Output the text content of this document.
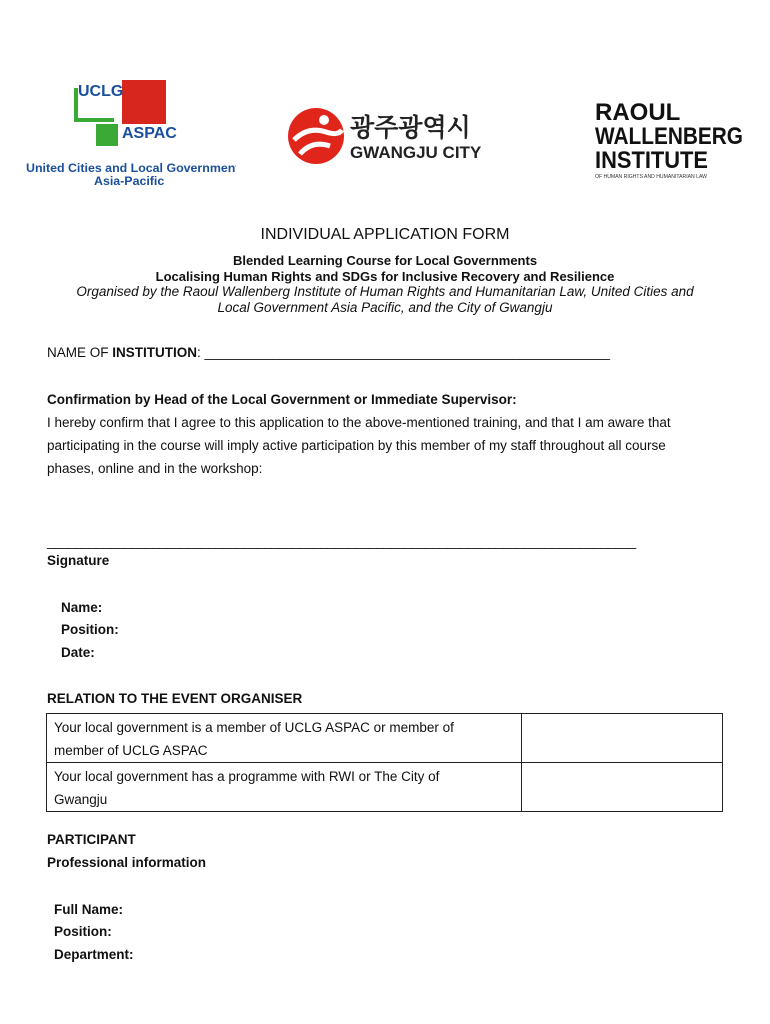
UCLG
ASPAC
United Cities and Local Governments
Asia-Pacific
광주광역시
GWANGJU CITY
RAOUL
WALLENBERG
INSTITUTE
OF HUMAN RIGHTS AND HUMANITARIAN LAW
INDIVIDUAL APPLICATION FORM
Blended Learning Course for Local Governments
Localising Human Rights and SDGs for Inclusive Recovery and Resilience
Organised by the Raoul Wallenberg Institute of Human Rights and Humanitarian Law, United Cities and
Local Government Asia Pacific, and the City of Gwangju
NAME OF INSTITUTION: ______________________________________________________
Confirmation by Head of the Local Government or Immediate Supervisor:
I hereby confirm that I agree to this application to the above-mentioned training, and that I am aware that
participating in the course will imply active participation by this member of my staff throughout all course
phases, online and in the workshop:
____________________________________________________________________________________
Signature
Name:
Position:
Date:
RELATION TO THE EVENT ORGANISER
Your local government is a member of UCLG ASPAC or member of
member of UCLG ASPAC	

Your local government has a programme with RWI or The City of
Gwangju	

PARTICIPANT
Professional information
Full Name:
Position:
Department:
